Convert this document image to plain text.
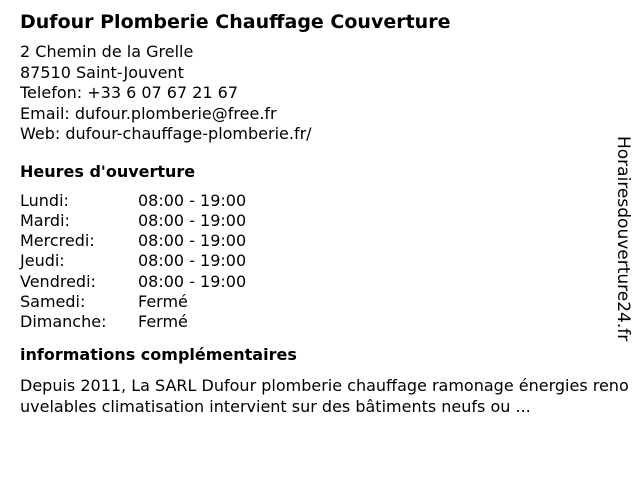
Dufour Plomberie Chauffage Couverture
2 Chemin de la Grelle
87510 Saint-Jouvent
Telefon: +33 6 07 67 21 67
Email: dufour.plomberie@free.fr
Web: dufour-chauffage-plomberie.fr/
Heures d'ouverture
Lundi:	08:00 - 19:00
Mardi:	08:00 - 19:00
Mercredi:	08:00 - 19:00
Jeudi:	08:00 - 19:00
Vendredi:	08:00 - 19:00
Samedi:	Fermé
Dimanche:	Fermé
informations complémentaires
Depuis 2011, La SARL Dufour plomberie chauffage ramonage énergies renouvelables climatisation intervient sur des bâtiments neufs ou ...
Horairesdouverture24.fr
